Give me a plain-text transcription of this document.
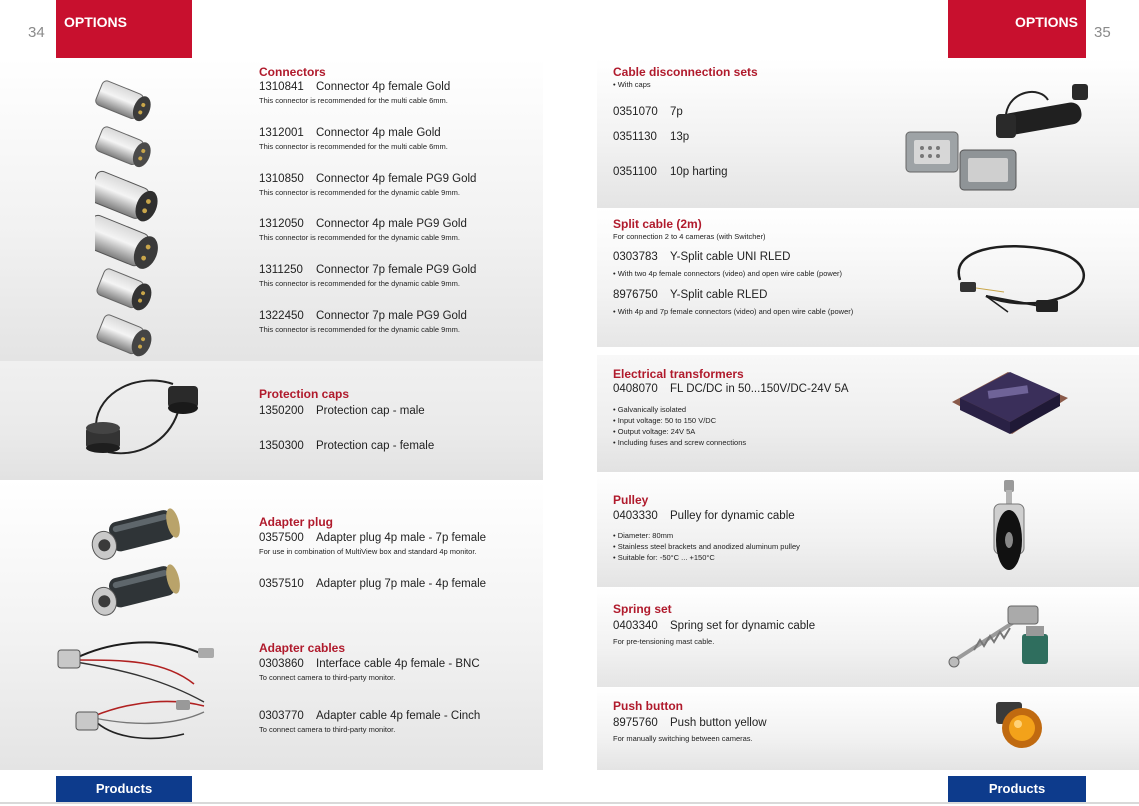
OPTIONS
34
OPTIONS
35
Products	Products
Connectors
1310841 Connector 4p female Gold
This connector is recommended for the multi cable 6mm.
1312001 Connector 4p male Gold
This connector is recommended for the multi cable 6mm.
1310850 Connector 4p female PG9 Gold
This connector is recommended for the dynamic cable 9mm.
1312050 Connector 4p male PG9 Gold
This connector is recommended for the dynamic cable 9mm.
1311250 Connector 7p female PG9 Gold
This connector is recommended for the dynamic cable 9mm.
1322450 Connector 7p male PG9 Gold
This connector is recommended for the dynamic cable 9mm.
Protection caps
1350200 Protection cap - male
1350300 Protection cap - female
Adapter plug
0357500 Adapter plug 4p male - 7p female
For use in combination of MultiView box and standard 4p monitor.
0357510 Adapter plug 7p male - 4p female
Adapter cables
0303860 Interface cable 4p female - BNC
To connect camera to third-party monitor.
0303770 Adapter cable 4p female - Cinch
To connect camera to third-party monitor.
Cable disconnection sets
• With caps
0351070 7p
0351130 13p
0351100 10p harting
Split cable (2m)
For connection 2 to 4 cameras (with Switcher)
0303783 Y-Split cable UNI RLED
• With two 4p female connectors (video) and open wire cable (power)
8976750 Y-Split cable RLED
• With 4p and 7p female connectors (video) and open wire cable (power)
Electrical transformers
0408070 FL DC/DC in 50...150V/DC-24V 5A
• Galvanically isolated
• Input voltage: 50 to 150 V/DC
• Output voltage: 24V 5A
• Including fuses and screw connections
Pulley
0403330 Pulley for dynamic cable
• Diameter: 80mm
• Stainless steel brackets and anodized aluminum pulley
• Suitable for: -50°C ... +150°C
Spring set
0403340 Spring set for dynamic cable
For pre-tensioning mast cable.
Push button
8975760 Push button yellow
For manually switching between cameras.
